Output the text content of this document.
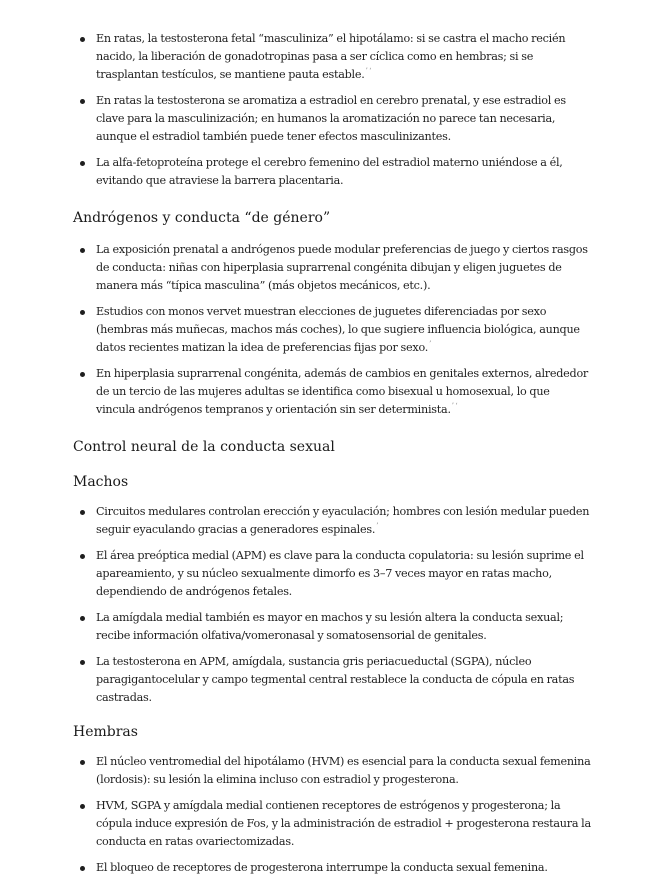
En ratas, la testosterona fetal “masculiniza” el hipotálamo: si se castra el macho recién nacido, la liberación de gonadotropinas pasa a ser cíclica como en hembras; si se trasplantan testículos, se mantiene pauta estable.’ ‘
En ratas la testosterona se aromatiza a estradiol en cerebro prenatal, y ese estradiol es clave para la masculinización; en humanos la aromatización no parece tan necesaria, aunque el estradiol también puede tener efectos masculinizantes.
La alfa-fetoproteína protege el cerebro femenino del estradiol materno uniéndose a él, evitando que atraviese la barrera placentaria.
Andrógenos y conducta “de género”
La exposición prenatal a andrógenos puede modular preferencias de juego y ciertos rasgos de conducta: niñas con hiperplasia suprarrenal congénita dibujan y eligen juguetes de manera más “típica masculina” (más objetos mecánicos, etc.).
Estudios con monos vervet muestran elecciones de juguetes diferenciadas por sexo (hembras más muñecas, machos más coches), lo que sugiere influencia biológica, aunque datos recientes matizan la idea de preferencias fijas por sexo.’
En hiperplasia suprarrenal congénita, además de cambios en genitales externos, alrededor de un tercio de las mujeres adultas se identifica como bisexual u homosexual, lo que vincula andrógenos tempranos y orientación sin ser determinista.’ ‘
Control neural de la conducta sexual
Machos
Circuitos medulares controlan erección y eyaculación; hombres con lesión medular pueden seguir eyaculando gracias a generadores espinales.’
El área preóptica medial (APM) es clave para la conducta copulatoria: su lesión suprime el apareamiento, y su núcleo sexualmente dimorfo es 3–7 veces mayor en ratas macho, dependiendo de andrógenos fetales.
La amígdala medial también es mayor en machos y su lesión altera la conducta sexual; recibe información olfativa/vomeronasal y somatosensorial de genitales.
La testosterona en APM, amígdala, sustancia gris periacueductal (SGPA), núcleo paragigantocelular y campo tegmental central restablece la conducta de cópula en ratas castradas.
Hembras
El núcleo ventromedial del hipotálamo (HVM) es esencial para la conducta sexual femenina (lordosis): su lesión la elimina incluso con estradiol y progesterona.
HVM, SGPA y amígdala medial contienen receptores de estrógenos y progesterona; la cópula induce expresión de Fos, y la administración de estradiol + progesterona restaura la conducta en ratas ovariectomizadas.
El bloqueo de receptores de progesterona interrumpe la conducta sexual femenina.
